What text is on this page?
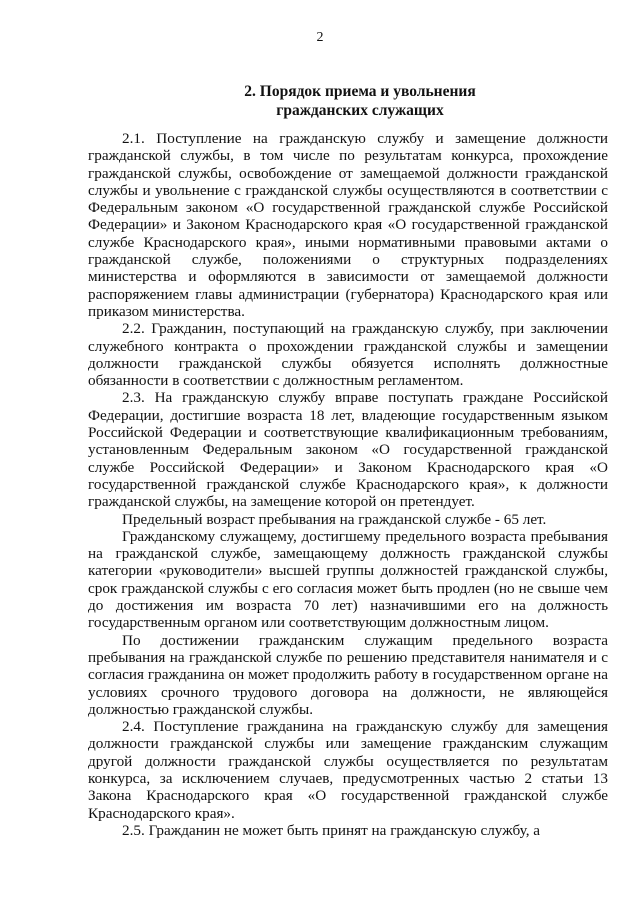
2
2. Порядок приема и увольнения
гражданских служащих

2.1. Поступление на гражданскую службу и замещение должности гражданской службы, в том числе по результатам конкурса, прохождение гражданской службы, освобождение от замещаемой должности гражданской службы и увольнение с гражданской службы осуществляются в соответствии с Федеральным законом «О государственной гражданской службе Российской Федерации» и Законом Краснодарского края «О государственной гражданской службе Краснодарского края», иными нормативными правовыми актами о гражданской службе, положениями о структурных подразделениях министерства и оформляются в зависимости от замещаемой должности распоряжением главы администрации (губернатора) Краснодарского края или приказом министерства.

2.2. Гражданин, поступающий на гражданскую службу, при заключении служебного контракта о прохождении гражданской службы и замещении должности гражданской службы обязуется исполнять должностные обязанности в соответствии с должностным регламентом.

2.3. На гражданскую службу вправе поступать граждане Российской Федерации, достигшие возраста 18 лет, владеющие государственным языком Российской Федерации и соответствующие квалификационным требованиям, установленным Федеральным законом «О государственной гражданской службе Российской Федерации» и Законом Краснодарского края «О государственной гражданской службе Краснодарского края», к должности гражданской службы, на замещение которой он претендует.

Предельный возраст пребывания на гражданской службе - 65 лет.

Гражданскому служащему, достигшему предельного возраста пребывания на гражданской службе, замещающему должность гражданской службы категории «руководители» высшей группы должностей гражданской службы, срок гражданской службы с его согласия может быть продлен (но не свыше чем до достижения им возраста 70 лет) назначившими его на должность государственным органом или соответствующим должностным лицом.

По достижении гражданским служащим предельного возраста пребывания на гражданской службе по решению представителя нанимателя и с согласия гражданина он может продолжить работу в государственном органе на условиях срочного трудового договора на должности, не являющейся должностью гражданской службы.

2.4. Поступление гражданина на гражданскую службу для замещения должности гражданской службы или замещение гражданским служащим другой должности гражданской службы осуществляется по результатам конкурса, за исключением случаев, предусмотренных частью 2 статьи 13 Закона Краснодарского края «О государственной гражданской службе Краснодарского края».

2.5. Гражданин не может быть принят на гражданскую службу, а
